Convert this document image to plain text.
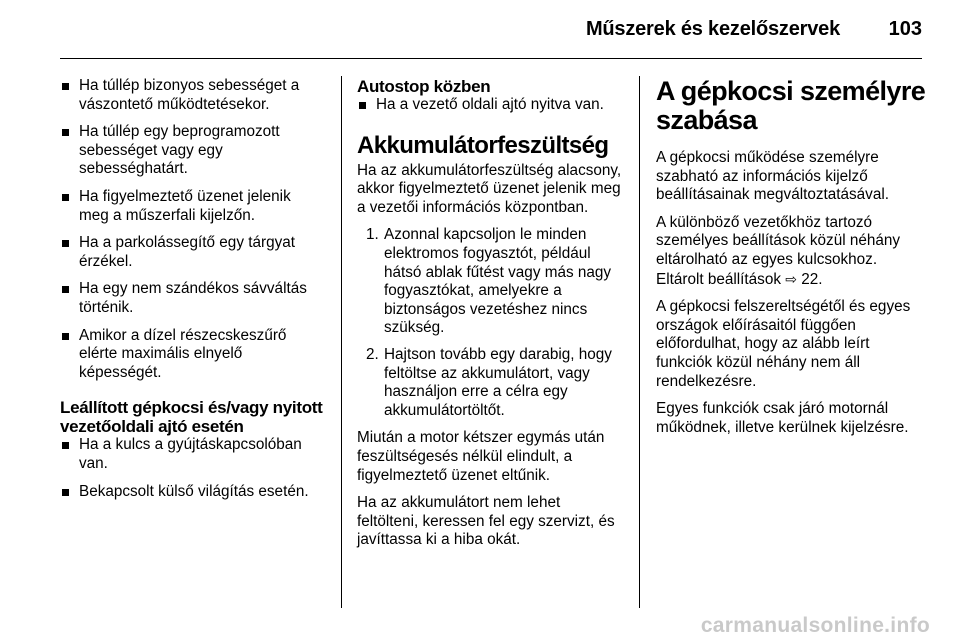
Műszerek és kezelőszervek	103
Ha túllép bizonyos sebességet a vászontető működtetésekor.
Ha túllép egy beprogramozott sebességet vagy egy sebességhatárt.
Ha figyelmeztető üzenet jelenik meg a műszerfali kijelzőn.
Ha a parkolássegítő egy tárgyat érzékel.
Ha egy nem szándékos sávváltás történik.
Amikor a dízel részecskeszűrő elérte maximális elnyelő képességét.
Leállított gépkocsi és/vagy nyitott vezetőoldali ajtó esetén
Ha a kulcs a gyújtáskapcsolóban van.
Bekapcsolt külső világítás esetén.
Autostop közben
Ha a vezető oldali ajtó nyitva van.
Akkumulátorfeszültség

Ha az akkumulátorfeszültség alacsony, akkor figyelmeztető üzenet jelenik meg a vezetői információs központban.

1. Azonnal kapcsoljon le minden elektromos fogyasztót, például hátsó ablak fűtést vagy más nagy fogyasztókat, amelyekre a biztonságos vezetéshez nincs szükség.
2. Hajtson tovább egy darabig, hogy feltöltse az akkumulátort, vagy használjon erre a célra egy akkumulátortöltőt.

Miután a motor kétszer egymás után feszültségesés nélkül elindult, a figyelmeztető üzenet eltűnik.

Ha az akkumulátort nem lehet feltölteni, keressen fel egy szervizt, és javíttassa ki a hiba okát.

A gépkocsi személyre szabása

A gépkocsi működése személyre szabható az információs kijelző beállításainak megváltoztatásával.

A különböző vezetőkhöz tartozó személyes beállítások közül néhány eltárolható az egyes kulcsokhoz. Eltárolt beállítások ⇨ 22.

A gépkocsi felszereltségétől és egyes országok előírásaitól függően előfordulhat, hogy az alább leírt funkciók közül néhány nem áll rendelkezésre.

Egyes funkciók csak járó motornál működnek, illetve kerülnek kijelzésre.

carmanualsonline.info
